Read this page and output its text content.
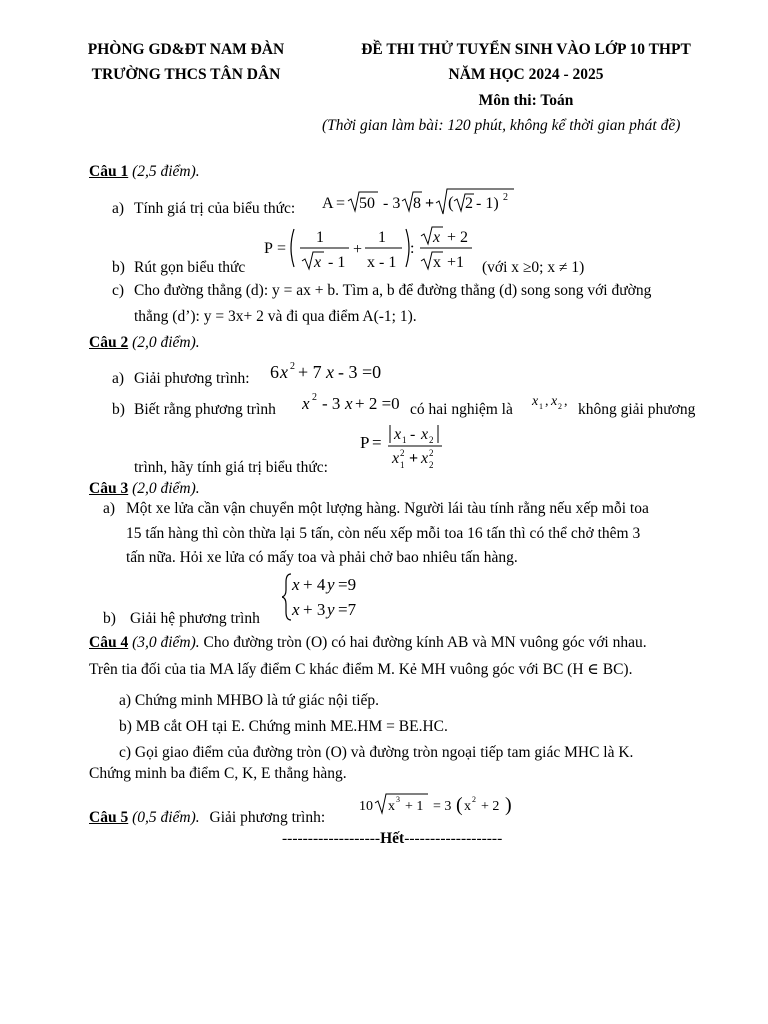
PHÒNG GD&ĐT NAM ĐÀN
TRƯỜNG THCS TÂN DÂN
ĐỀ THI THỬ TUYỂN SINH VÀO LỚP 10 THPT
NĂM HỌC 2024 - 2025
Môn thi: Toán
(Thời gian làm bài: 120 phút, không kể thời gian phát đề)
Câu 1 (2,5 điểm).
a) Tính giá trị của biểu thức: A = 50 - 3 8 + ( 2 - 1) 2
P =
1
x - 1
+
1
x - 1
:
x + 2
x +1
b) Rút gọn biểu thức	(với x ≥0; x ≠ 1)
c) Cho đường thẳng (d): y = ax + b. Tìm a, b để đường thẳng (d) song song với đường
thẳng (d’): y = 3x+ 2 và đi qua điểm A(-1; 1).
Câu 2 (2,0 điểm).
a) Giải phương trình: 6 x 2 + 7 x - 3 =0
b) Biết rằng phương trình x 2 - 3 x + 2 =0 có hai nghiệm là x 1 , x 2 , không giải phương
P = x 1 - x 2
x 2
1 + x 2
2
trình, hãy tính giá trị biểu thức:
Câu 3 (2,0 điểm).
a) Một xe lửa cần vận chuyển một lượng hàng. Người lái tàu tính rằng nếu xếp mỗi toa
15 tấn hàng thì còn thừa lại 5 tấn, còn nếu xếp mỗi toa 16 tấn thì có thể chở thêm 3
tấn nữa. Hỏi xe lửa có mấy toa và phải chở bao nhiêu tấn hàng.
x + 4 y =9
x + 3 y =7
b) Giải hệ phương trình
Câu 4 (3,0 điểm). Cho đường tròn (O) có hai đường kính AB và MN vuông góc với nhau.
Trên tia đối của tia MA lấy điểm C khác điểm M. Kẻ MH vuông góc với BC (H ∈ BC).
a) Chứng minh MHBO là tứ giác nội tiếp.
b) MB cắt OH tại E. Chứng minh ME.HM = BE.HC.
c) Gọi giao điểm của đường tròn (O) và đường tròn ngoại tiếp tam giác MHC là K.
Chứng minh ba điểm C, K, E thẳng hàng.
Câu 5 (0,5 điểm). Giải phương trình:
10 x 3 + 1 = 3 ( x 2 + 2 )
-------------------Hết-------------------
